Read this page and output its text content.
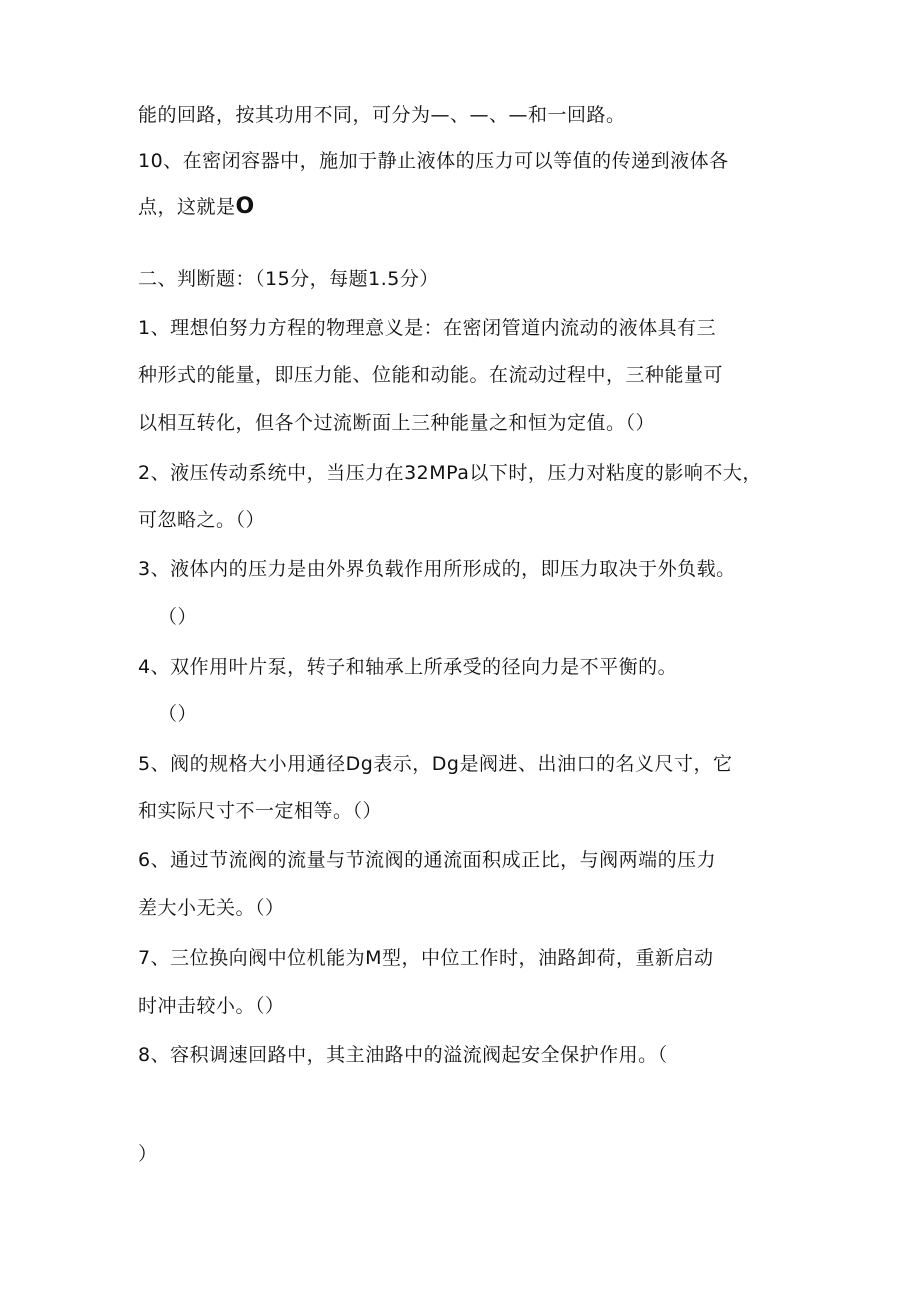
能的回路，按其功用不同，可分为—、—、—和一回路。
10、在密闭容器中，施加于静止液体的压力可以等值的传递到液体各
点，这就是O
二、判断题：（15分，每题1.5分）
1、理想伯努力方程的物理意义是：在密闭管道内流动的液体具有三
种形式的能量，即压力能、位能和动能。在流动过程中，三种能量可
以相互转化，但各个过流断面上三种能量之和恒为定值。（）
2、液压传动系统中，当压力在32MPa以下时，压力对粘度的影响不大，
可忽略之。（）
3、液体内的压力是由外界负载作用所形成的，即压力取决于外负载。
（）
4、双作用叶片泵，转子和轴承上所承受的径向力是不平衡的。
（）
5、阀的规格大小用通径Dg表示，Dg是阀进、出油口的名义尺寸，它
和实际尺寸不一定相等。（）
6、通过节流阀的流量与节流阀的通流面积成正比，与阀两端的压力
差大小无关。（）
7、三位换向阀中位机能为M型，中位工作时，油路卸荷，重新启动
时冲击较小。（）
8、容积调速回路中，其主油路中的溢流阀起安全保护作用。（
）
